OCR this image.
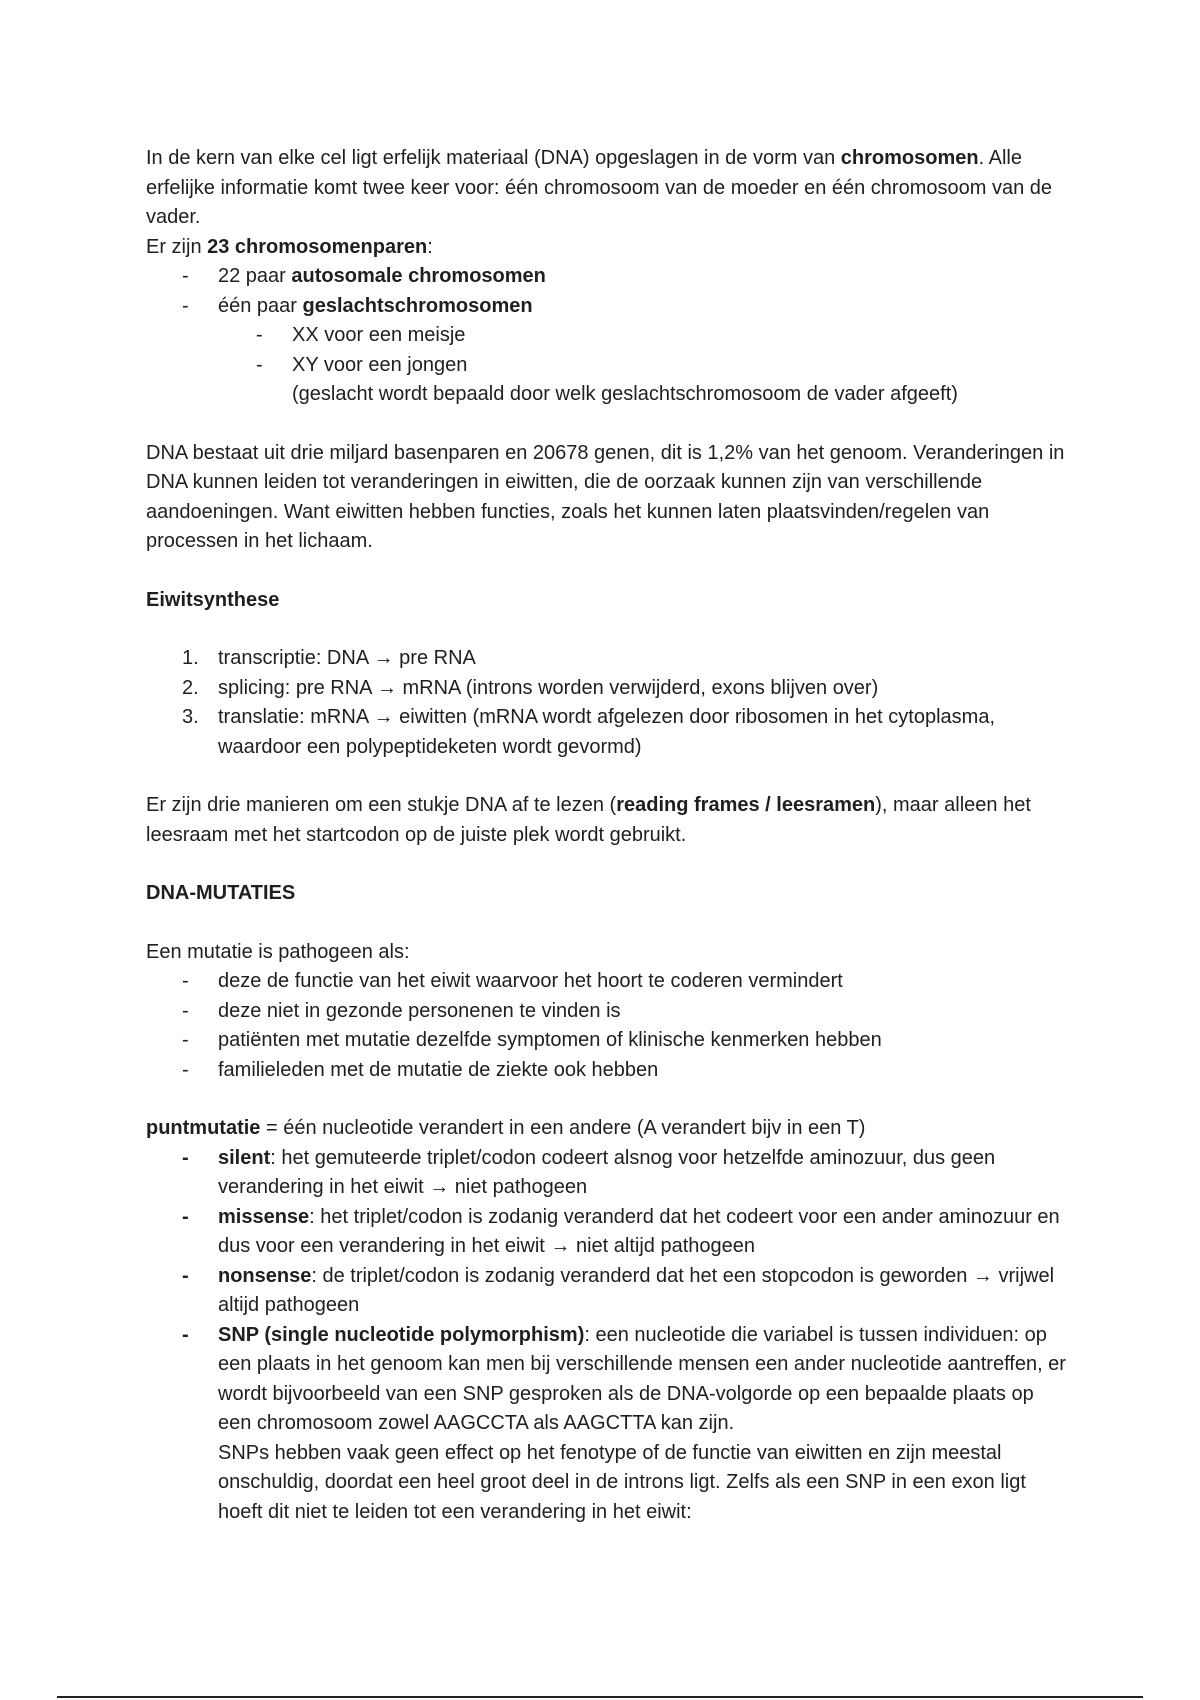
In de kern van elke cel ligt erfelijk materiaal (DNA) opgeslagen in de vorm van chromosomen. Alle erfelijke informatie komt twee keer voor: één chromosoom van de moeder en één chromosoom van de vader.

Er zijn 23 chromosomenparen:

- 22 paar autosomale chromosomen
- één paar geslachtschromosomen
- XX voor een meisje
- XY voor een jongen

(geslacht wordt bepaald door welk geslachtschromosoom de vader afgeeft)

DNA bestaat uit drie miljard basenparen en 20678 genen, dit is 1,2% van het genoom. Veranderingen in DNA kunnen leiden tot veranderingen in eiwitten, die de oorzaak kunnen zijn van verschillende aandoeningen. Want eiwitten hebben functies, zoals het kunnen laten plaatsvinden/regelen van processen in het lichaam.

Eiwitsynthese

1. transcriptie: DNA → pre RNA
2. splicing: pre RNA → mRNA (introns worden verwijderd, exons blijven over)
3. translatie: mRNA → eiwitten (mRNA wordt afgelezen door ribosomen in het cytoplasma, waardoor een polypeptideketen wordt gevormd)

Er zijn drie manieren om een stukje DNA af te lezen (reading frames / leesramen), maar alleen het leesraam met het startcodon op de juiste plek wordt gebruikt.

DNA-MUTATIES

Een mutatie is pathogeen als:

- deze de functie van het eiwit waarvoor het hoort te coderen vermindert
- deze niet in gezonde personenen te vinden is
- patiënten met mutatie dezelfde symptomen of klinische kenmerken hebben
- familieleden met de mutatie de ziekte ook hebben

puntmutatie = één nucleotide verandert in een andere (A verandert bijv in een T)

- silent: het gemuteerde triplet/codon codeert alsnog voor hetzelfde aminozuur, dus geen verandering in het eiwit → niet pathogeen
- missense: het triplet/codon is zodanig veranderd dat het codeert voor een ander aminozuur en dus voor een verandering in het eiwit → niet altijd pathogeen
- nonsense: de triplet/codon is zodanig veranderd dat het een stopcodon is geworden → vrijwel altijd pathogeen
- SNP (single nucleotide polymorphism): een nucleotide die variabel is tussen individuen: op een plaats in het genoom kan men bij verschillende mensen een ander nucleotide aantreffen, er wordt bijvoorbeeld van een SNP gesproken als de DNA-volgorde op een bepaalde plaats op een chromosoom zowel AAGCCTA als AAGCTTA kan zijn.
SNPs hebben vaak geen effect op het fenotype of de functie van eiwitten en zijn meestal onschuldig, doordat een heel groot deel in de introns ligt. Zelfs als een SNP in een exon ligt hoeft dit niet te leiden tot een verandering in het eiwit:
